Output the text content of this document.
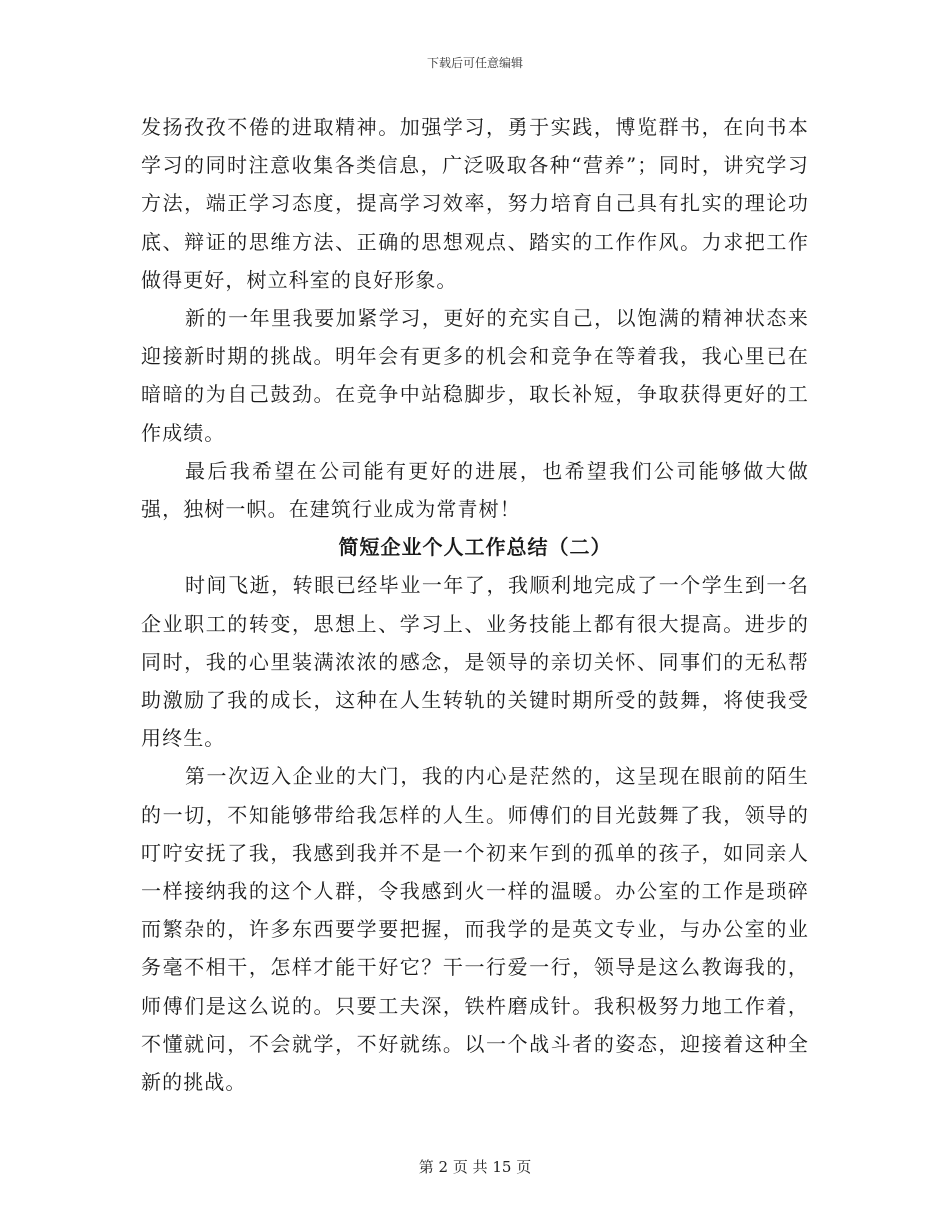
下载后可任意编辑

发扬孜孜不倦的进取精神。加强学习，勇于实践，博览群书，在向书本学习的同时注意收集各类信息，广泛吸取各种“营养”；同时，讲究学习方法，端正学习态度，提高学习效率，努力培育自己具有扎实的理论功底、辩证的思维方法、正确的思想观点、踏实的工作作风。力求把工作做得更好，树立科室的良好形象。

新的一年里我要加紧学习，更好的充实自己，以饱满的精神状态来迎接新时期的挑战。明年会有更多的机会和竞争在等着我，我心里已在暗暗的为自己鼓劲。在竞争中站稳脚步，取长补短，争取获得更好的工作成绩。

最后我希望在公司能有更好的进展，也希望我们公司能够做大做强，独树一帜。在建筑行业成为常青树！

简短企业个人工作总结（二）

时间飞逝，转眼已经毕业一年了，我顺利地完成了一个学生到一名企业职工的转变，思想上、学习上、业务技能上都有很大提高。进步的同时，我的心里装满浓浓的感念，是领导的亲切关怀、同事们的无私帮助激励了我的成长，这种在人生转轨的关键时期所受的鼓舞，将使我受用终生。

第一次迈入企业的大门，我的内心是茫然的，这呈现在眼前的陌生的一切，不知能够带给我怎样的人生。师傅们的目光鼓舞了我，领导的叮咛安抚了我，我感到我并不是一个初来乍到的孤单的孩子，如同亲人一样接纳我的这个人群，令我感到火一样的温暖。办公室的工作是琐碎而繁杂的，许多东西要学要把握，而我学的是英文专业，与办公室的业务毫不相干，怎样才能干好它？干一行爱一行，领导是这么教诲我的，师傅们是这么说的。只要工夫深，铁杵磨成针。我积极努力地工作着，不懂就问，不会就学，不好就练。以一个战斗者的姿态，迎接着这种全新的挑战。

第 2 页 共 15 页
